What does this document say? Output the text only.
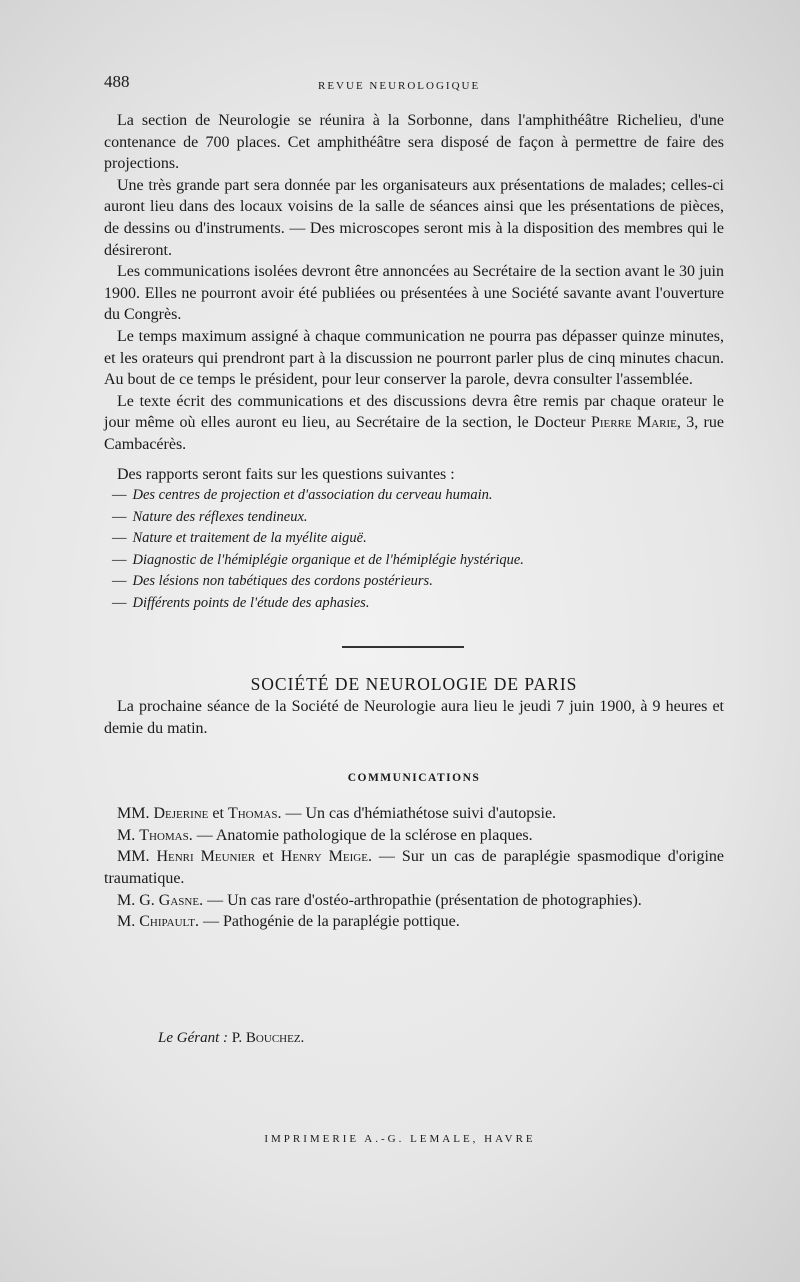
488	REVUE NEUROLOGIQUE

La section de Neurologie se réunira à la Sorbonne, dans l'amphithéâtre Richelieu, d'une contenance de 700 places. Cet amphithéâtre sera disposé de façon à permettre de faire des projections.

Une très grande part sera donnée par les organisateurs aux présentations de malades; celles-ci auront lieu dans des locaux voisins de la salle de séances ainsi que les présentations de pièces, de dessins ou d'instruments. — Des microscopes seront mis à la disposition des membres qui le désireront.

Les communications isolées devront être annoncées au Secrétaire de la section avant le 30 juin 1900. Elles ne pourront avoir été publiées ou présentées à une Société savante avant l'ouverture du Congrès.

Le temps maximum assigné à chaque communication ne pourra pas dépasser quinze minutes, et les orateurs qui prendront part à la discussion ne pourront parler plus de cinq minutes chacun. Au bout de ce temps le président, pour leur conserver la parole, devra consulter l'assemblée.

Le texte écrit des communications et des discussions devra être remis par chaque orateur le jour même où elles auront eu lieu, au Secrétaire de la section, le Docteur Pierre Marie, 3, rue Cambacérès.

Des rapports seront faits sur les questions suivantes :

— Des centres de projection et d'association du cerveau humain.
— Nature des réflexes tendineux.
— Nature et traitement de la myélite aiguë.
— Diagnostic de l'hémiplégie organique et de l'hémiplégie hystérique.
— Des lésions non tabétiques des cordons postérieurs.
— Différents points de l'étude des aphasies.
SOCIÉTÉ DE NEUROLOGIE DE PARIS

La prochaine séance de la Société de Neurologie aura lieu le jeudi 7 juin 1900, à 9 heures et demie du matin.

COMMUNICATIONS

MM. Dejerine et Thomas. — Un cas d'hémiathétose suivi d'autopsie.

M. Thomas. — Anatomie pathologique de la sclérose en plaques.

MM. Henri Meunier et Henry Meige. — Sur un cas de paraplégie spasmodique d'origine traumatique.

M. G. Gasne. — Un cas rare d'ostéo-arthropathie (présentation de photographies).

M. Chipault. — Pathogénie de la paraplégie pottique.

Le Gérant : P. Bouchez.
IMPRIMERIE A.-G. LEMALE, HAVRE
